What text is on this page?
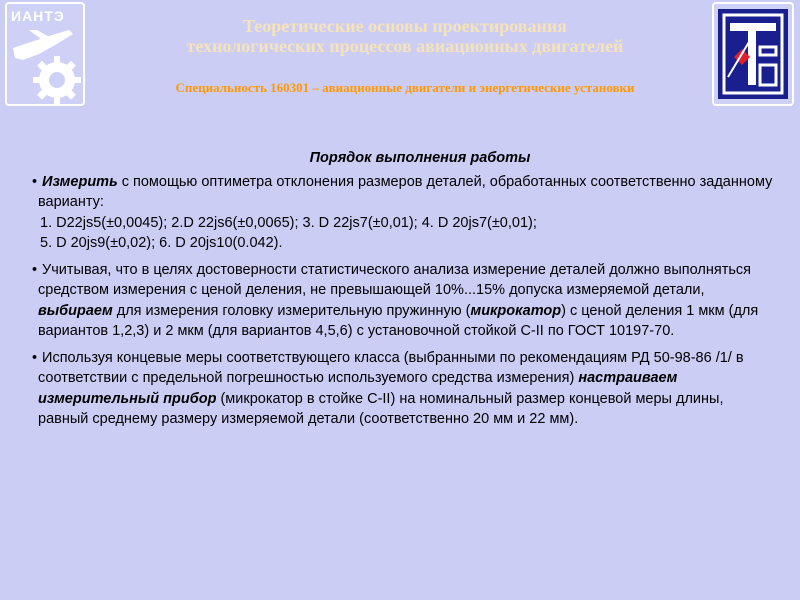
ИАНТЭ	Теоретические основы проектирования
технологических процессов авиационных двигателей
Специальность 160301 – авиационные двигатели и энергетические установки
Порядок выполнения работы
• Измерить с помощью оптиметра отклонения размеров деталей, обработанных соответственно заданному варианту:
1. D22js5(±0,0045); 2.D 22js6(±0,0065); 3. D 22js7(±0,01); 4. D 20js7(±0,01);
5. D 20js9(±0,02); 6. D 20js10(0.042).
• Учитывая, что в целях достоверности статистического анализа измерение деталей должно выполняться средством измерения с ценой деления, не превышающей 10%...15% допуска измеряемой детали, выбираем для измерения головку измерительную пружинную (микрокатор) с ценой деления 1 мкм (для вариантов 1,2,3) и 2 мкм (для вариантов 4,5,6) с установочной стойкой С-II по ГОСТ 10197-70.
• Используя концевые меры соответствующего класса (выбранными по рекомендациям РД 50-98-86 /1/ в соответствии с предельной погрешностью используемого средства измерения) настраиваем измерительный прибор (микрокатор в стойке С-II) на номинальный размер концевой меры длины, равный среднему размеру измеряемой детали (соответственно 20 мм и 22 мм).
